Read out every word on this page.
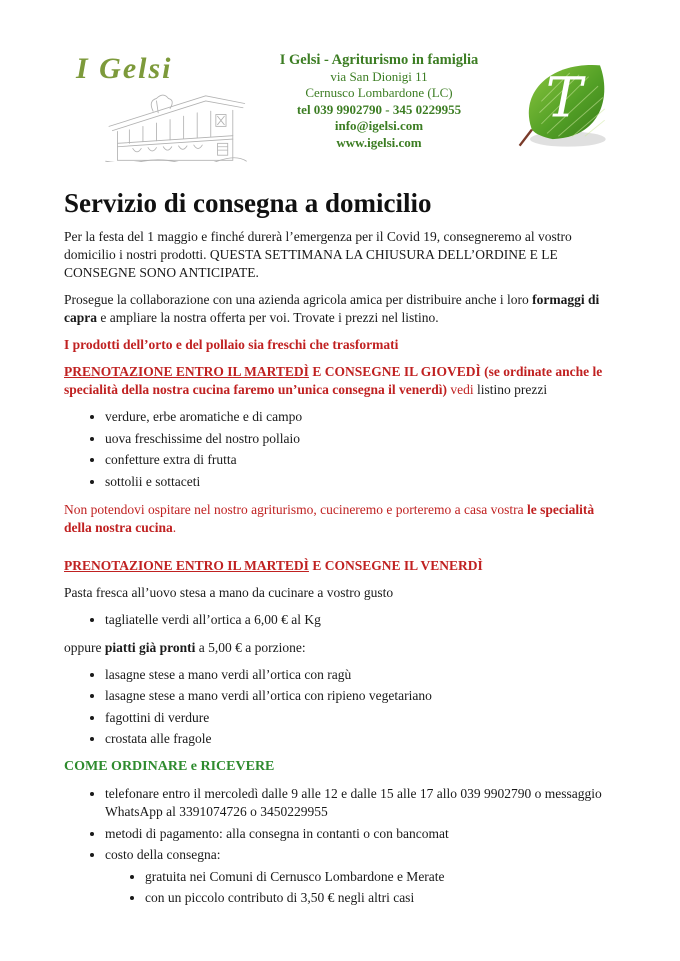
I Gelsi	I Gelsi - Agriturismo in famiglia
via San Dionigi 11
Cernusco Lombardone (LC)
tel 039 9902790 - 345 0229955
info@igelsi.com
www.igelsi.com
T
Servizio di consegna a domicilio

Per la festa del 1 maggio e finché durerà l’emergenza per il Covid 19, consegneremo al vostro domicilio i nostri prodotti. QUESTA SETTIMANA LA CHIUSURA DELL’ORDINE E LE CONSEGNE SONO ANTICIPATE.

Prosegue la collaborazione con una azienda agricola amica per distribuire anche i loro formaggi di capra e ampliare la nostra offerta per voi. Trovate i prezzi nel listino.

I prodotti dell’orto e del pollaio sia freschi che trasformati

PRENOTAZIONE ENTRO IL MARTEDÌ E CONSEGNE IL GIOVEDÌ (se ordinate anche le specialità della nostra cucina faremo un’unica consegna il venerdì) vedi listino prezzi

• verdure, erbe aromatiche e di campo
• uova freschissime del nostro pollaio
• confetture extra di frutta
• sottolii e sottaceti

Non potendovi ospitare nel nostro agriturismo, cucineremo e porteremo a casa vostra le specialità della nostra cucina.

PRENOTAZIONE ENTRO IL MARTEDÌ E CONSEGNE IL VENERDÌ

Pasta fresca all’uovo stesa a mano da cucinare a vostro gusto

• tagliatelle verdi all’ortica a 6,00 € al Kg

oppure piatti già pronti a 5,00 € a porzione:

• lasagne stese a mano verdi all’ortica con ragù
• lasagne stese a mano verdi all’ortica con ripieno vegetariano
• fagottini di verdure
• crostata alle fragole

COME ORDINARE e RICEVERE

• telefonare entro il mercoledì dalle 9 alle 12 e dalle 15 alle 17 allo 039 9902790 o messaggio WhatsApp al 3391074726 o 3450229955
• metodi di pagamento: alla consegna in contanti o con bancomat
• costo della consegna:
• gratuita nei Comuni di Cernusco Lombardone e Merate
• con un piccolo contributo di 3,50 € negli altri casi
